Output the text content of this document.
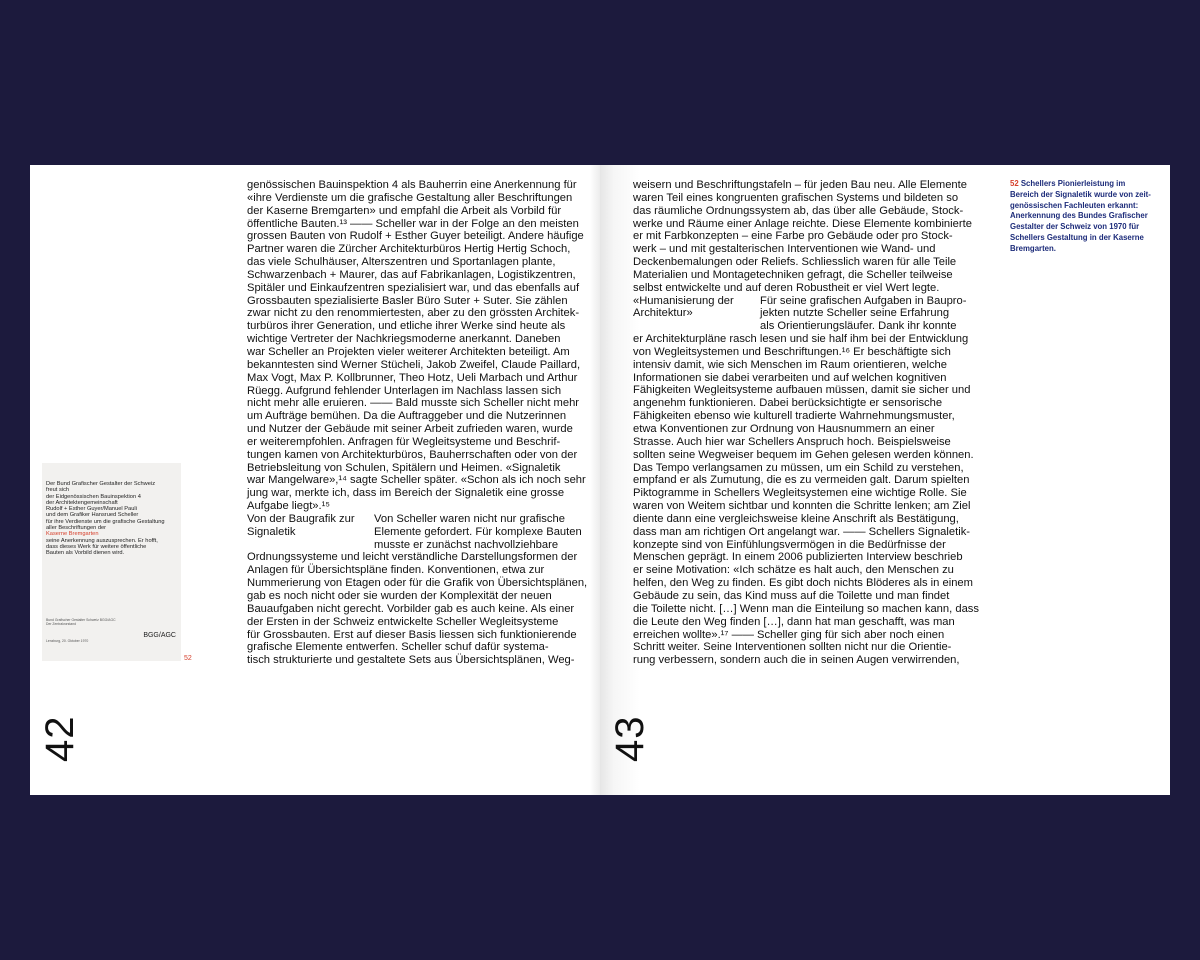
genössischen Bauinspektion 4 als Bauherrin eine Anerkennung für
«ihre Verdienste um die grafische Gestaltung aller Beschriftungen
der Kaserne Bremgarten» und empfahl die Arbeit als Vorbild für
öffentliche Bauten.¹³ —— Scheller war in der Folge an den meisten
grossen Bauten von Rudolf + Esther Guyer beteiligt. Andere häufige
Partner waren die Zürcher Architekturbüros Hertig Hertig Schoch,
das viele Schulhäuser, Alterszentren und Sportanlagen plante,
Schwarzenbach + Maurer, das auf Fabrikanlagen, Logistikzentren,
Spitäler und Einkaufzentren spezialisiert war, und das ebenfalls auf
Grossbauten spezialisierte Basler Büro Suter + Suter. Sie zählen
zwar nicht zu den renommiertesten, aber zu den grössten Architek-
turbüros ihrer Generation, und etliche ihrer Werke sind heute als
wichtige Vertreter der Nachkriegsmoderne anerkannt. Daneben
war Scheller an Projekten vieler weiterer Architekten beteiligt. Am
bekanntesten sind Werner Stücheli, Jakob Zweifel, Claude Paillard,
Max Vogt, Max P. Kollbrunner, Theo Hotz, Ueli Marbach und Arthur
Rüegg. Aufgrund fehlender Unterlagen im Nachlass lassen sich
nicht mehr alle eruieren. —— Bald musste sich Scheller nicht mehr
um Aufträge bemühen. Da die Auftraggeber und die Nutzerinnen
und Nutzer der Gebäude mit seiner Arbeit zufrieden waren, wurde
er weiterempfohlen. Anfragen für Wegleitsysteme und Beschrif-
tungen kamen von Architekturbüros, Bauherrschaften oder von der
Betriebsleitung von Schulen, Spitälern und Heimen. «Signaletik
war Mangelware»,¹⁴ sagte Scheller später. «Schon als ich noch sehr
jung war, merkte ich, dass im Bereich der Signaletik eine grosse
Aufgabe liegt».¹⁵
Von der Baugrafik zur
Signaletik
Von Scheller waren nicht nur grafische
Elemente gefordert. Für komplexe Bauten
musste er zunächst nachvollziehbare
Ordnungssysteme und leicht verständliche Darstellungsformen der
Anlagen für Übersichtspläne finden. Konventionen, etwa zur
Nummerierung von Etagen oder für die Grafik von Übersichtsplänen,
gab es noch nicht oder sie wurden der Komplexität der neuen
Bauaufgaben nicht gerecht. Vorbilder gab es auch keine. Als einer
der Ersten in der Schweiz entwickelte Scheller Wegleitsysteme
für Grossbauten. Erst auf dieser Basis liessen sich funktionierende
grafische Elemente entwerfen. Scheller schuf dafür systema-
tisch strukturierte und gestaltete Sets aus Übersichtsplänen, Weg-
Der Bund Grafischer Gestalter der Schweiz
freut sich
der Eidgenössischen Bauinspektion 4
der Architektengemeinschaft
Rudolf + Esther Guyer/Manuel Pauli
und dem Grafiker Hansrued Scheller
für ihre Verdienste um die grafische Gestaltung
aller Beschriftungen der
Kaserne Bremgarten
seine Anerkennung auszusprechen. Er hofft,
dass dieses Werk für weitere öffentliche
Bauten als Vorbild dienen wird.
Bund Grafischer Gestalter Schweiz BGG/AGC
Der Zentralvorstand
Lenzburg, 20. Oktober 1970
BGG/AGC
52
42
weisern und Beschriftungstafeln – für jeden Bau neu. Alle Elemente
waren Teil eines kongruenten grafischen Systems und bildeten so
das räumliche Ordnungssystem ab, das über alle Gebäude, Stock-
werke und Räume einer Anlage reichte. Diese Elemente kombinierte
er mit Farbkonzepten – eine Farbe pro Gebäude oder pro Stock-
werk – und mit gestalterischen Interventionen wie Wand- und
Deckenbemalungen oder Reliefs. Schliesslich waren für alle Teile
Materialien und Montagetechniken gefragt, die Scheller teilweise
selbst entwickelte und auf deren Robustheit er viel Wert legte.
«Humanisierung der
Architektur»
Für seine grafischen Aufgaben in Baupro-
jekten nutzte Scheller seine Erfahrung
als Orientierungsläufer. Dank ihr konnte
er Architekturpläne rasch lesen und sie half ihm bei der Entwicklung
von Wegleitsystemen und Beschriftungen.¹⁶ Er beschäftigte sich
intensiv damit, wie sich Menschen im Raum orientieren, welche
Informationen sie dabei verarbeiten und auf welchen kognitiven
Fähigkeiten Wegleitsysteme aufbauen müssen, damit sie sicher und
angenehm funktionieren. Dabei berücksichtigte er sensorische
Fähigkeiten ebenso wie kulturell tradierte Wahrnehmungsmuster,
etwa Konventionen zur Ordnung von Hausnummern an einer
Strasse. Auch hier war Schellers Anspruch hoch. Beispielsweise
sollten seine Wegweiser bequem im Gehen gelesen werden können.
Das Tempo verlangsamen zu müssen, um ein Schild zu verstehen,
empfand er als Zumutung, die es zu vermeiden galt. Darum spielten
Piktogramme in Schellers Wegleitsystemen eine wichtige Rolle. Sie
waren von Weitem sichtbar und konnten die Schritte lenken; am Ziel
diente dann eine vergleichsweise kleine Anschrift als Bestätigung,
dass man am richtigen Ort angelangt war. —— Schellers Signaletik-
konzepte sind von Einfühlungsvermögen in die Bedürfnisse der
Menschen geprägt. In einem 2006 publizierten Interview beschrieb
er seine Motivation: «Ich schätze es halt auch, den Menschen zu
helfen, den Weg zu finden. Es gibt doch nichts Blöderes als in einem
Gebäude zu sein, das Kind muss auf die Toilette und man findet
die Toilette nicht. […] Wenn man die Einteilung so machen kann, dass
die Leute den Weg finden […], dann hat man geschafft, was man
erreichen wollte».¹⁷ —— Scheller ging für sich aber noch einen
Schritt weiter. Seine Interventionen sollten nicht nur die Orientie-
rung verbessern, sondern auch die in seinen Augen verwirrenden,
52 Schellers Pionierleistung im
Bereich der Signaletik wurde von zeit-
genössischen Fachleuten erkannt:
Anerkennung des Bundes Grafischer
Gestalter der Schweiz von 1970 für
Schellers Gestaltung in der Kaserne
Bremgarten.
43
